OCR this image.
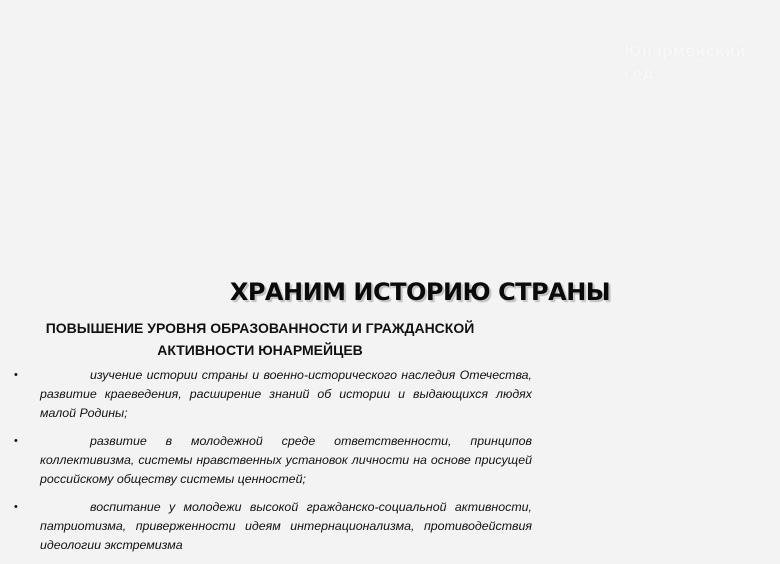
Юнармейский год
ХРАНИМ ИСТОРИЮ СТРАНЫ
ПОВЫШЕНИЕ УРОВНЯ ОБРАЗОВАННОСТИ И ГРАЖДАНСКОЙ АКТИВНОСТИ ЮНАРМЕЙЦЕВ
•	изучение истории страны и военно-исторического наследия Отечества, развитие краеведения, расширение знаний об истории и выдающихся людях малой Родины;
•	развитие в молодежной среде ответственности, принципов коллективизма, системы нравственных установок личности на основе присущей российскому обществу системы ценностей;
•	воспитание у молодежи высокой гражданско-социальной активности, патриотизма, приверженности идеям интернационализма, противодействия идеологии экстремизма
